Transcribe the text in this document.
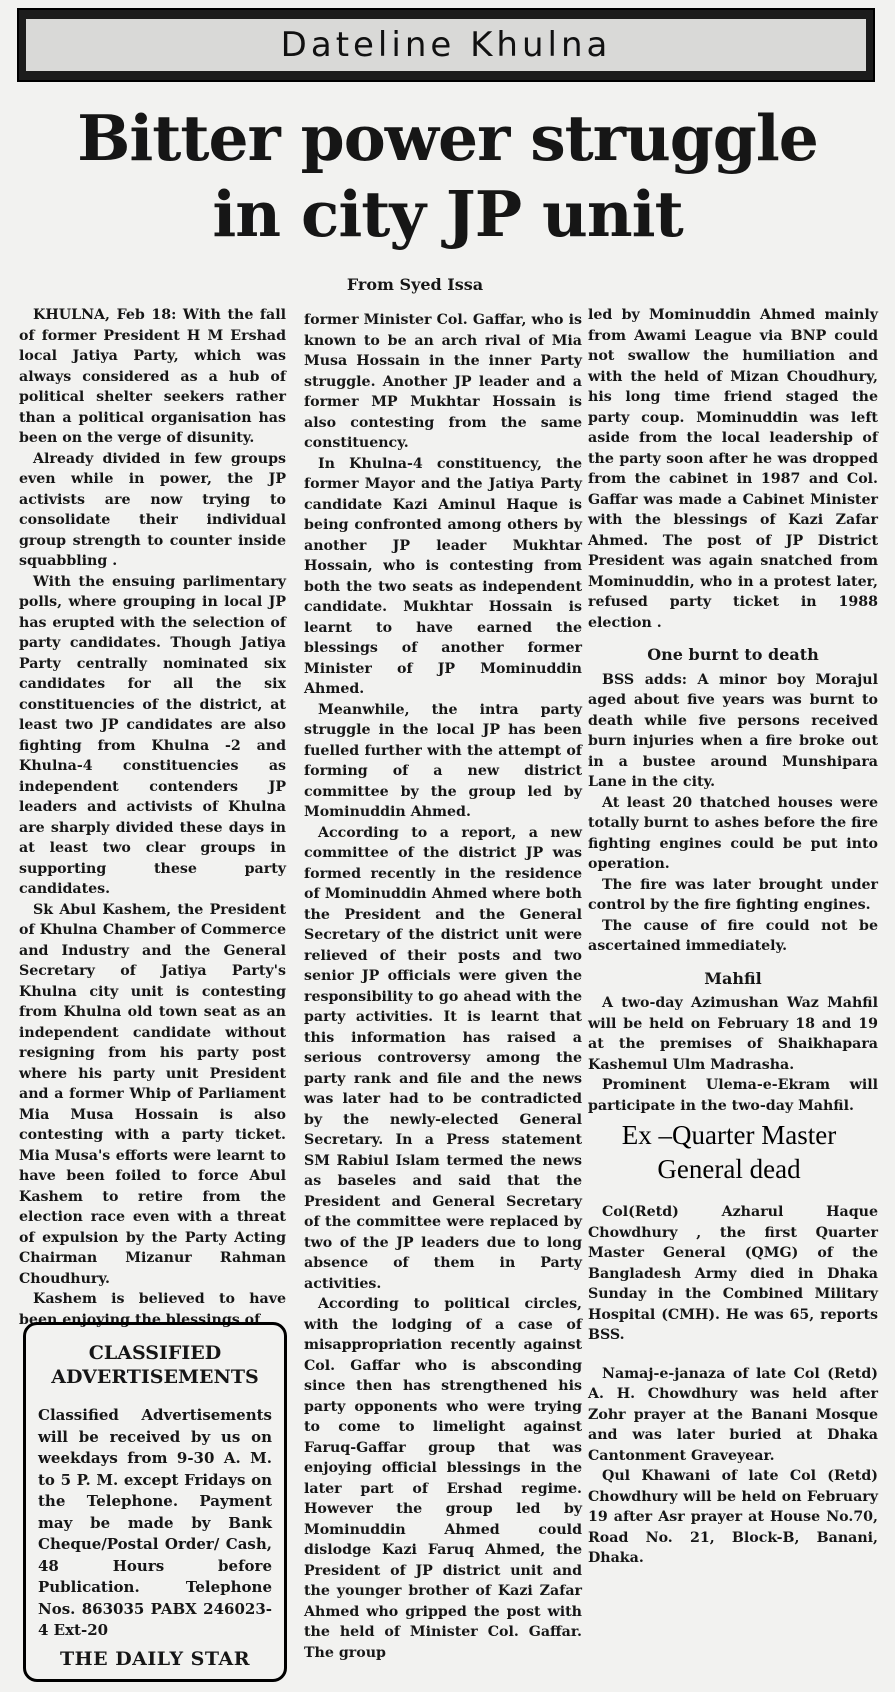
Dateline Khulna
Bitter power struggle
in city JP unit
From Syed Issa

KHULNA, Feb 18: With the fall of former President H M Ershad local Jatiya Party, which was always considered as a hub of political shelter seekers rather than a political organisation has been on the verge of disunity.

Already divided in few groups even while in power, the JP activists are now trying to consolidate their individual group strength to counter inside squabbling .

With the ensuing parlimentary polls, where grouping in local JP has erupted with the selection of party candidates. Though Jatiya Party centrally nominated six candidates for all the six constituencies of the district, at least two JP candidates are also fighting from Khulna -2 and Khulna-4 constituencies as independent contenders JP leaders and activists of Khulna are sharply divided these days in at least two clear groups in supporting these party candidates.

Sk Abul Kashem, the President of Khulna Chamber of Commerce and Industry and the General Secretary of Jatiya Party's Khulna city unit is contesting from Khulna old town seat as an independent candidate without resigning from his party post where his party unit President and a former Whip of Parliament Mia Musa Hossain is also contesting with a party ticket. Mia Musa's efforts were learnt to have been foiled to force Abul Kashem to retire from the election race even with a threat of expulsion by the Party Acting Chairman Mizanur Rahman Choudhury.

Kashem is believed to have been enjoying the blessings of

former Minister Col. Gaffar, who is known to be an arch rival of Mia Musa Hossain in the inner Party struggle. Another JP leader and a former MP Mukhtar Hossain is also contesting from the same constituency.

In Khulna-4 constituency, the former Mayor and the Jatiya Party candidate Kazi Aminul Haque is being confronted among others by another JP leader Mukhtar Hossain, who is contesting from both the two seats as independent candidate. Mukhtar Hossain is learnt to have earned the blessings of another former Minister of JP Mominuddin Ahmed.

Meanwhile, the intra party struggle in the local JP has been fuelled further with the attempt of forming of a new district committee by the group led by Mominuddin Ahmed.

According to a report, a new committee of the district JP was formed recently in the residence of Mominuddin Ahmed where both the President and the General Secretary of the district unit were relieved of their posts and two senior JP officials were given the responsibility to go ahead with the party activities. It is learnt that this information has raised a serious controversy among the party rank and file and the news was later had to be contradicted by the newly-elected General Secretary. In a Press statement SM Rabiul Islam termed the news as baseles and said that the President and General Secretary of the committee were replaced by two of the JP leaders due to long absence of them in Party activities.

According to political circles, with the lodging of a case of misappropriation recently against Col. Gaffar who is absconding since then has strengthened his party opponents who were trying to come to limelight against Faruq-Gaffar group that was enjoying official blessings in the later part of Ershad regime. However the group led by Mominuddin Ahmed could dislodge Kazi Faruq Ahmed, the President of JP district unit and the younger brother of Kazi Zafar Ahmed who gripped the post with the held of Minister Col. Gaffar. The group

led by Mominuddin Ahmed mainly from Awami League via BNP could not swallow the humiliation and with the held of Mizan Choudhury, his long time friend staged the party coup. Mominuddin was left aside from the local leadership of the party soon after he was dropped from the cabinet in 1987 and Col. Gaffar was made a Cabinet Minister with the blessings of Kazi Zafar Ahmed. The post of JP District President was again snatched from Mominuddin, who in a protest later, refused party ticket in 1988 election .

One burnt to death

BSS adds: A minor boy Morajul aged about five years was burnt to death while five persons received burn injuries when a fire broke out in a bustee around Munshipara Lane in the city.

At least 20 thatched houses were totally burnt to ashes before the fire fighting engines could be put into operation.

The fire was later brought under control by the fire fighting engines.

The cause of fire could not be ascertained immediately.

Mahfil

A two-day Azimushan Waz Mahfil will be held on February 18 and 19 at the premises of Shaikhapara Kashemul Ulm Madrasha.

Prominent Ulema-e-Ekram will participate in the two-day Mahfil.

Ex –Quarter Master
General dead

Col(Retd) Azharul Haque Chowdhury , the first Quarter Master General (QMG) of the Bangladesh Army died in Dhaka Sunday in the Combined Military Hospital (CMH). He was 65, reports BSS.

Namaj-e-janaza of late Col (Retd) A. H. Chowdhury was held after Zohr prayer at the Banani Mosque and was later buried at Dhaka Cantonment Graveyear.

Qul Khawani of late Col (Retd) Chowdhury will be held on February 19 after Asr prayer at House No.70, Road No. 21, Block-B, Banani, Dhaka.

CLASSIFIED
ADVERTISEMENTS
Classified Advertisements will be received by us on weekdays from 9-30 A. M. to 5 P. M. except Fridays on the Telephone. Payment may be made by Bank Cheque/Postal Order/ Cash, 48 Hours before Publication. Telephone Nos. 863035 PABX 246023-4 Ext-20
THE DAILY STAR
